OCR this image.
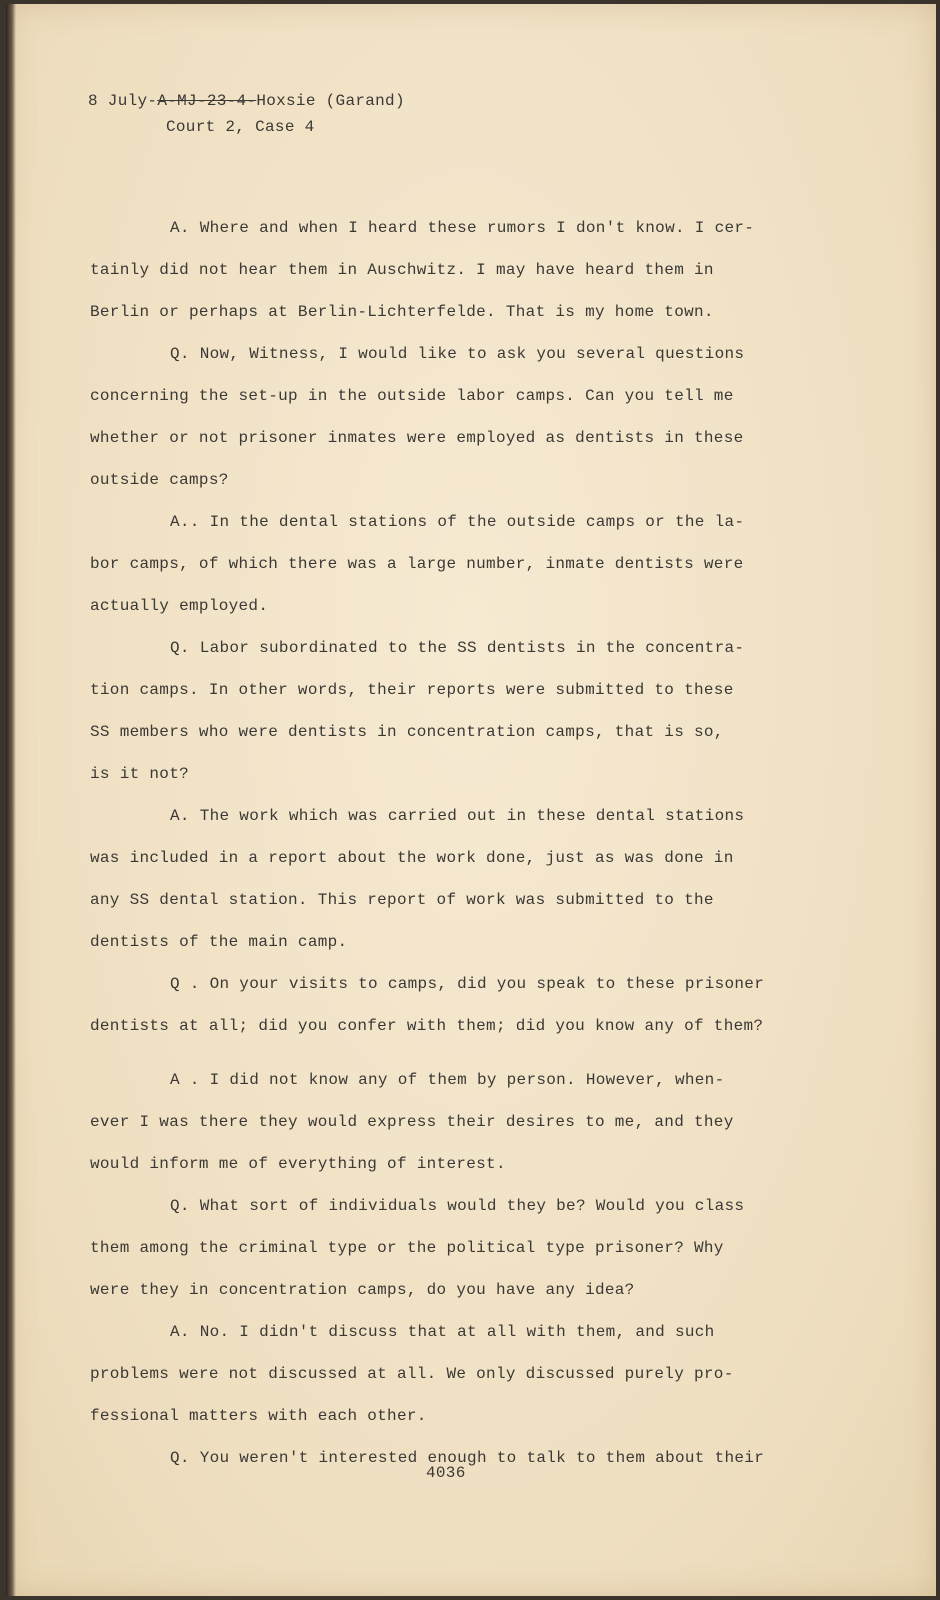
8 July-A-MJ-23-4-Hoxsie (Garand)
Court 2, Case 4
A. Where and when I heard these rumors I don't know. I cer-
tainly did not hear them in Auschwitz. I may have heard them in
Berlin or perhaps at Berlin-Lichterfelde. That is my home town.
Q. Now, Witness, I would like to ask you several questions
concerning the set-up in the outside labor camps. Can you tell me
whether or not prisoner inmates were employed as dentists in these
outside camps?
A.. In the dental stations of the outside camps or the la-
bor camps, of which there was a large number, inmate dentists were
actually employed.
Q. Labor subordinated to the SS dentists in the concentra-
tion camps. In other words, their reports were submitted to these
SS members who were dentists in concentration camps, that is so,
is it not?
A. The work which was carried out in these dental stations
was included in a report about the work done, just as was done in
any SS dental station. This report of work was submitted to the
dentists of the main camp.
Q . On your visits to camps, did you speak to these prisoner
dentists at all; did you confer with them; did you know any of them?
A . I did not know any of them by person. However, when-
ever I was there they would express their desires to me, and they
would inform me of everything of interest.
Q. What sort of individuals would they be? Would you class
them among the criminal type or the political type prisoner? Why
were they in concentration camps, do you have any idea?
A. No. I didn't discuss that at all with them, and such
problems were not discussed at all. We only discussed purely pro-
fessional matters with each other.
Q. You weren't interested enough to talk to them about their
4036
